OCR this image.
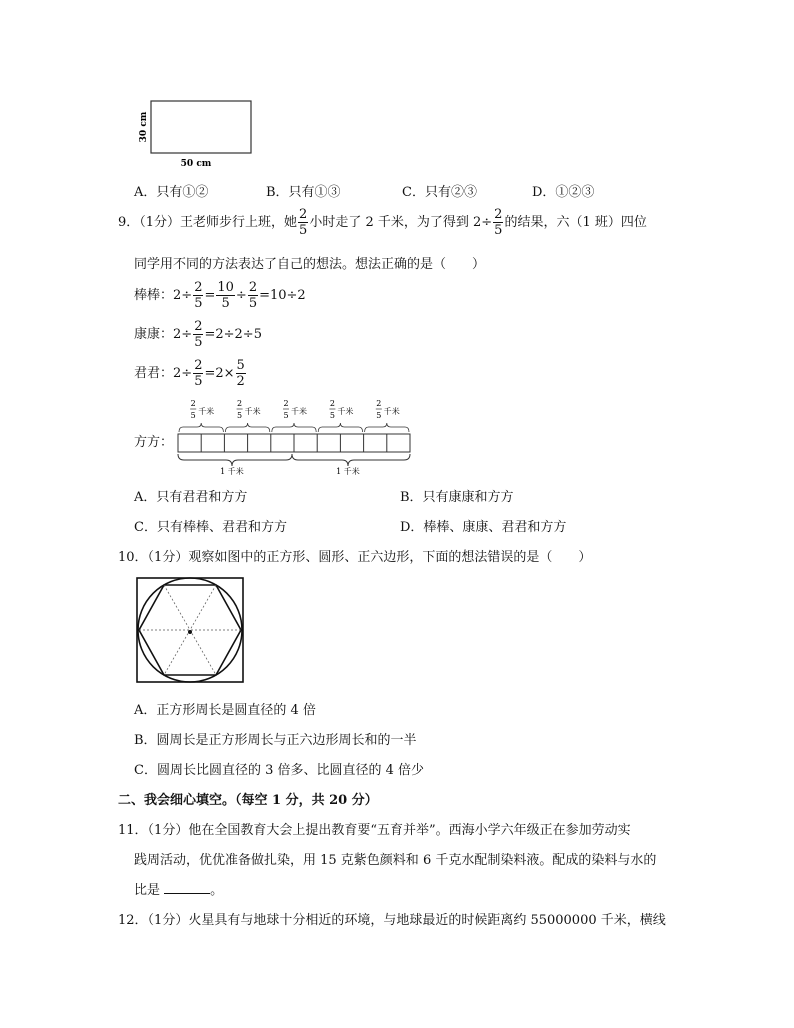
30 cm
50 cm
A．只有①②	B．只有①③	C．只有②③	D．①②③
9．（1分）王老师步行上班，她 $\frac{2}{5}$ 小时走了 2 千米，为了得到 $2\div \frac{2}{5}$ 的结果，六（1 班）四位
同学用不同的方法表达了自己的想法。想法正确的是（　　）
棒棒：$2\div \frac{2}{5} = \frac{10}{5} \div \frac{2}{5} =10\div 2$
康康：$2\div \frac{2}{5} =2\div 2\div 5$
君君：$2\div \frac{2}{5} =2\times \frac{5}{2}$
方方：
2
5 千米
2
5 千米
2
5 千米
2
5 千米
2
5 千米
1 千米	1 千米
A．只有君君和方方	B．只有康康和方方
C．只有棒棒、君君和方方	D．棒棒、康康、君君和方方
10．（1分）观察如图中的正方形、圆形、正六边形，下面的想法错误的是（　　）
A．正方形周长是圆直径的 4 倍
B．圆周长是正方形周长与正六边形周长和的一半
C．圆周长比圆直径的 3 倍多、比圆直径的 4 倍少
二、我会细心填空。（每空 1 分，共 20 分）
11．（1分）他在全国教育大会上提出教育要“五育并举”。西海小学六年级正在参加劳动实
践周活动，优优准备做扎染，用 15 克紫色颜料和 6 千克水配制染料液。配成的染料与水的
比是	。
12．（1分）火星具有与地球十分相近的环境，与地球最近的时候距离约 55000000 千米，横线
